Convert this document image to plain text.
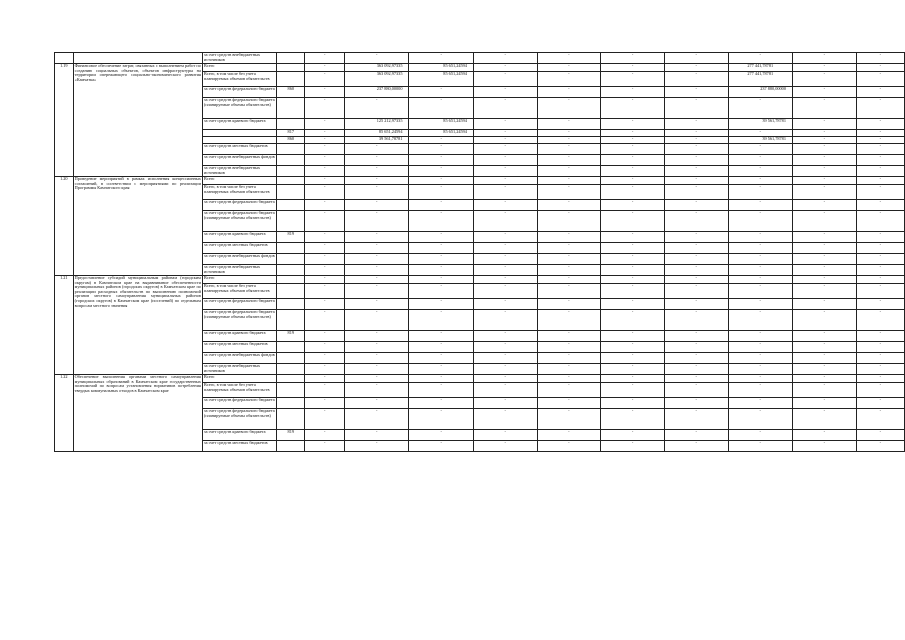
		за счет средств внебюджетных источников		-	-	-	-	-	-	-	-	-	-
1.19	Финансовое обеспечение затрат, связанных с выполнением работ по созданию социальных объектов, объектов инфраструктуры на территории опережающего социально-экономического развития «Камчатка»	Всего		-	363 092,97335	85 651,24594	-	-	-	-	277 441,78781	-	-
		Всего, в том числе без учета планируемых объемов обязательств		-	363 092,97335	85 651,24594	-	-	-	-	277 441,78781	-	-
		за счет средств федерального бюджета	860	-	237 880,00000	-	-	-	-	-	237 880,00000	-	-
		за счет средств федерального бюджета (планируемые объемы обязательств)		-	-	-	-	-	-	-	-	-	-
		за счет средств краевого бюджета		-	125 212,97335	85 651,24594	-	-	-	-	39 561,78781	-	-
			817	-	85 651,24594	85 651,24594	-	-	-	-	-	-	-
			860	-	39 561,78781	-	-	-	-	-	39 561,78781	-	-
		за счет средств местных бюджетов		-	-	-	-	-	-	-	-	-	-
		за счет средств внебюджетных фондов		-	-	-	-	-	-	-	-	-	-
		за счет средств внебюджетных источников		-	-	-	-	-	-	-	-	-	-
1.20	Проведение мероприятий в рамках исполнения концессионных соглашений, в соответствии с мероприятиями по реализации Программы Камчатского края	Всего		-	-	-	-	-	-	-	-	-	-
		Всего, в том числе без учета планируемых объемов обязательств		-	-	-	-	-	-	-	-	-	-
		за счет средств федерального бюджета		-	-	-	-	-	-	-	-	-	-
		за счет средств федерального бюджета (планируемые объемы обязательств)		-	-	-	-	-	-	-	-	-	-
		за счет средств краевого бюджета	819	-	-	-	-	-	-	-	-	-	-
		за счет средств местных бюджетов		-	-	-	-	-	-	-	-	-	-
		за счет средств внебюджетных фондов		-	-	-	-	-	-	-	-	-	-
		за счет средств внебюджетных источников		-	-	-	-	-	-	-	-	-	-
1.21	Предоставление субсидий муниципальным районам (городским округам) в Камчатском крае на выравнивание обеспеченности муниципальных районов (городских округов) в Камчатском крае по реализации расходных обязательств по выполнению полномочий органов местного самоуправления муниципальных районов (городских округов) в Камчатском крае (поселений) по отдельным вопросам местного значения	Всего		-	-	-	-	-	-	-	-	-	-
		Всего, в том числе без учета планируемых объемов обязательств		-	-	-	-	-	-	-	-	-	-
		за счет средств федерального бюджета		-	-	-	-	-	-	-	-	-	-
		за счет средств федерального бюджета (планируемые объемы обязательств)		-	-	-	-	-	-	-	-	-	-
		за счет средств краевого бюджета	819	-	-	-	-	-	-	-	-	-	-
		за счет средств местных бюджетов		-	-	-	-	-	-	-	-	-	-
		за счет средств внебюджетных фондов		-	-	-	-	-	-	-	-	-	-
		за счет средств внебюджетных источников		-	-	-	-	-	-	-	-	-	-
1.22	Обеспечение выполнения органами местного самоуправления муниципальных образований в Камчатском крае государственных полномочий по вопросам установления нормативов потребления твердых коммунальных отходов в Камчатском крае	Всего		-	-	-	-	-	-	-	-	-	-
		Всего, в том числе без учета планируемых объемов обязательств		-	-	-	-	-	-	-	-	-	-
		за счет средств федерального бюджета		-	-	-	-	-	-	-	-	-	-
		за счет средств федерального бюджета (планируемые объемы обязательств)		-	-	-	-	-	-	-	-	-	-
		за счет средств краевого бюджета	819	-	-	-	-	-	-	-	-	-	-
		за счет средств местных бюджетов		-	-	-	-	-	-	-	-	-	-
